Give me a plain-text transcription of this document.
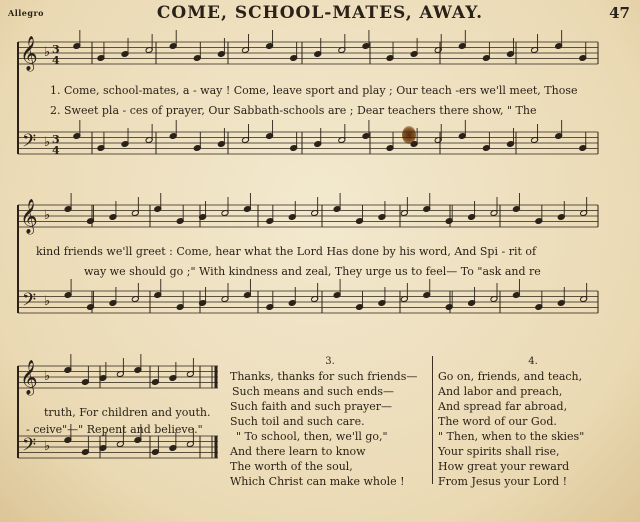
Allegro	COME, SCHOOL-MATES, AWAY.	47
𝄞 ♭ 3
4
𝄢 ♭ 3
4
𝄞 ♭
𝄢 ♭
𝄞 ♭
𝄢 ♭
1. Come, school-mates, a - way ! Come, leave sport and play ; Our teach -ers we'll meet, Those
2. Sweet pla - ces of prayer, Our Sabbath-schools are ; Dear teachers there show, " The
kind friends we'll greet : Come, hear what the Lord Has done by his word, And Spi - rit of
way we should go ;" With kindness and zeal, They urge us to feel— To "ask and re
truth, For children and youth.
- ceive"—" Repent and believe."
3.
Thanks, thanks for such friends—
Such means and such ends—
Such faith and such prayer—
Such toil and such care.
" To school, then, we'll go,"
And there learn to know
The worth of the soul,
Which Christ can make whole !
4.
Go on, friends, and teach,
And labor and preach,
And spread far abroad,
The word of our God.
" Then, when to the skies"
Your spirits shall rise,
How great your reward
From Jesus your Lord !
